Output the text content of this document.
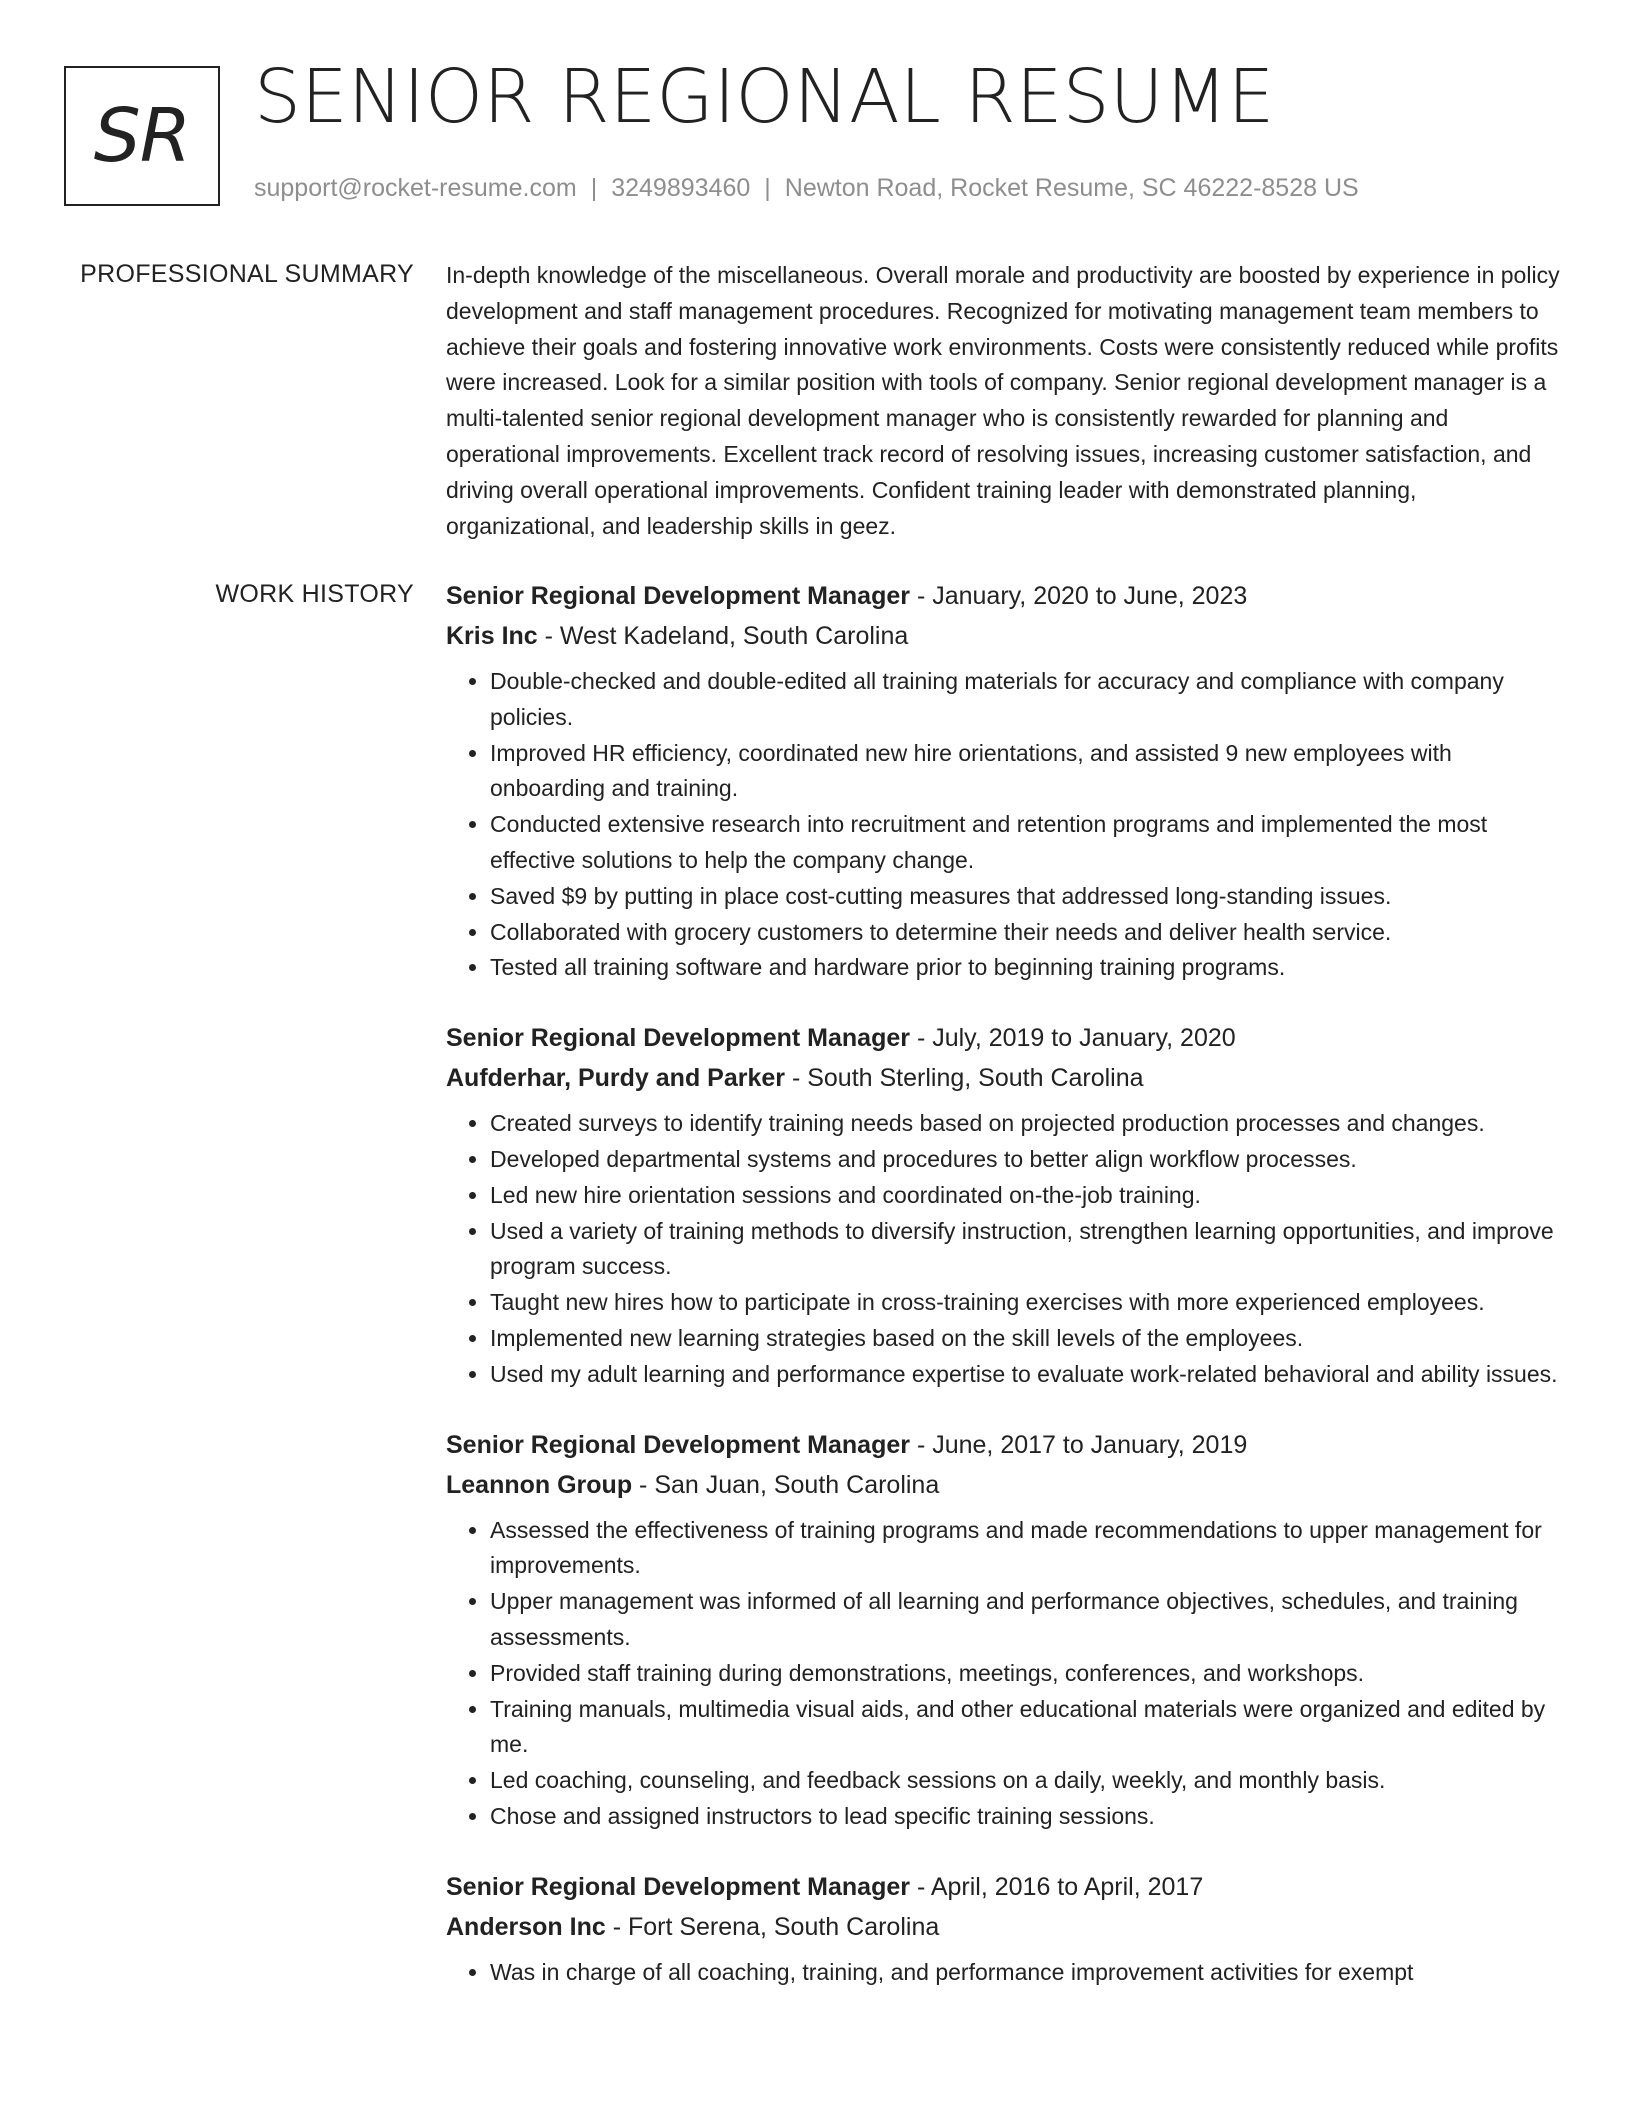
SR SENIOR REGIONAL RESUME
support@rocket-resume.com | 3249893460 | Newton Road, Rocket Resume, SC 46222-8528 US
PROFESSIONAL SUMMARY In-depth knowledge of the miscellaneous. Overall morale and productivity are boosted by experience in policy development and staff management procedures. Recognized for motivating management team members to achieve their goals and fostering innovative work environments. Costs were consistently reduced while profits were increased. Look for a similar position with tools of company. Senior regional development manager is a multi-talented senior regional development manager who is consistently rewarded for planning and operational improvements. Excellent track record of resolving issues, increasing customer satisfaction, and driving overall operational improvements. Confident training leader with demonstrated planning, organizational, and leadership skills in geez.

WORK HISTORY Senior Regional Development Manager - January, 2020 to June, 2023
Kris Inc - West Kadeland, South Carolina
• Double-checked and double-edited all training materials for accuracy and compliance with company policies.
• Improved HR efficiency, coordinated new hire orientations, and assisted 9 new employees with onboarding and training.
• Conducted extensive research into recruitment and retention programs and implemented the most effective solutions to help the company change.
• Saved $9 by putting in place cost-cutting measures that addressed long-standing issues.
• Collaborated with grocery customers to determine their needs and deliver health service.
• Tested all training software and hardware prior to beginning training programs.
Senior Regional Development Manager - July, 2019 to January, 2020
Aufderhar, Purdy and Parker - South Sterling, South Carolina
• Created surveys to identify training needs based on projected production processes and changes.
• Developed departmental systems and procedures to better align workflow processes.
• Led new hire orientation sessions and coordinated on-the-job training.
• Used a variety of training methods to diversify instruction, strengthen learning opportunities, and improve program success.
• Taught new hires how to participate in cross-training exercises with more experienced employees.
• Implemented new learning strategies based on the skill levels of the employees.
• Used my adult learning and performance expertise to evaluate work-related behavioral and ability issues.
Senior Regional Development Manager - June, 2017 to January, 2019
Leannon Group - San Juan, South Carolina
• Assessed the effectiveness of training programs and made recommendations to upper management for improvements.
• Upper management was informed of all learning and performance objectives, schedules, and training assessments.
• Provided staff training during demonstrations, meetings, conferences, and workshops.
• Training manuals, multimedia visual aids, and other educational materials were organized and edited by me.
• Led coaching, counseling, and feedback sessions on a daily, weekly, and monthly basis.
• Chose and assigned instructors to lead specific training sessions.
Senior Regional Development Manager - April, 2016 to April, 2017
Anderson Inc - Fort Serena, South Carolina
• Was in charge of all coaching, training, and performance improvement activities for exempt
